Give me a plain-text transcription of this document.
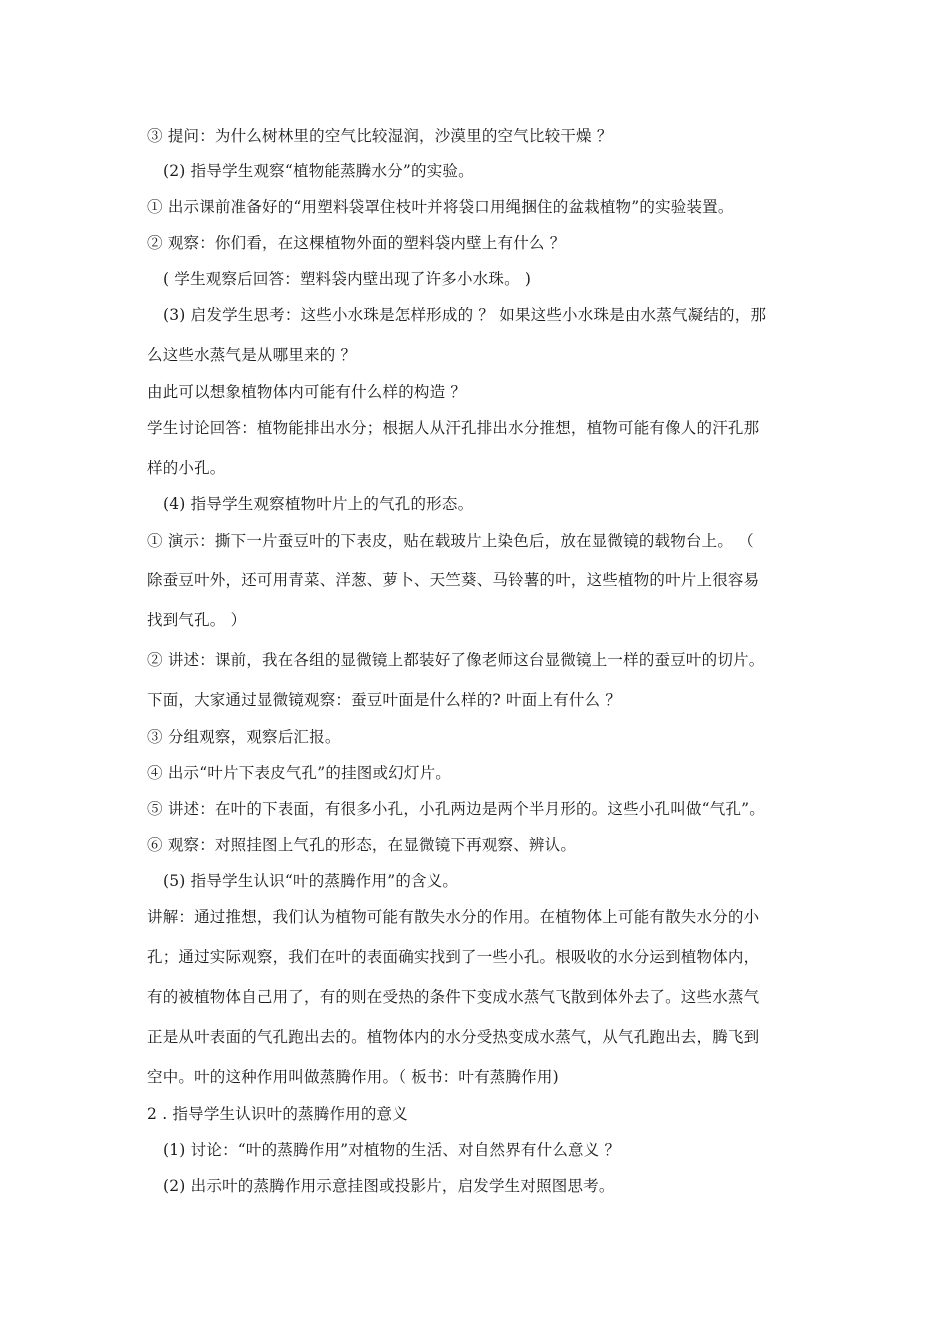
③ 提问：为什么树林里的空气比较湿润，沙漠里的空气比较干燥 ？
(2) 指导学生观察“植物能蒸腾水分”的实验。
① 出示课前准备好的“用塑料袋罩住枝叶并将袋口用绳捆住的盆栽植物”的实验装置。
② 观察：你们看，在这棵植物外面的塑料袋内壁上有什么 ？
( 学生观察后回答：塑料袋内壁出现了许多小水珠。 )
(3) 启发学生思考：这些小水珠是怎样形成的 ？ 如果这些小水珠是由水蒸气凝结的，那
么这些水蒸气是从哪里来的 ？
由此可以想象植物体内可能有什么样的构造 ？
学生讨论回答：植物能排出水分；根据人从汗孔排出水分推想，植物可能有像人的汗孔那
样的小孔。
(4) 指导学生观察植物叶片上的气孔的形态。
① 演示：撕下一片蚕豆叶的下表皮，贴在载玻片上染色后，放在显微镜的载物台上。 （
除蚕豆叶外，还可用青菜、洋葱、萝卜、天竺葵、马铃薯的叶，这些植物的叶片上很容易
找到气孔。 ）
② 讲述：课前，我在各组的显微镜上都装好了像老师这台显微镜上一样的蚕豆叶的切片。
下面，大家通过显微镜观察：蚕豆叶面是什么样的? 叶面上有什么 ？
③ 分组观察，观察后汇报。
④ 出示“叶片下表皮气孔”的挂图或幻灯片。
⑤ 讲述：在叶的下表面，有很多小孔，小孔两边是两个半月形的。这些小孔叫做“气孔”。
⑥ 观察：对照挂图上气孔的形态，在显微镜下再观察、辨认。
(5) 指导学生认识“叶的蒸腾作用”的含义。
讲解：通过推想，我们认为植物可能有散失水分的作用。在植物体上可能有散失水分的小
孔；通过实际观察，我们在叶的表面确实找到了一些小孔。根吸收的水分运到植物体内，
有的被植物体自己用了，有的则在受热的条件下变成水蒸气飞散到体外去了。这些水蒸气
正是从叶表面的气孔跑出去的。植物体内的水分受热变成水蒸气，从气孔跑出去，腾飞到
空中。叶的这种作用叫做蒸腾作用。（ 板书：叶有蒸腾作用)
2 . 指导学生认识叶的蒸腾作用的意义
(1) 讨论：“叶的蒸腾作用”对植物的生活、对自然界有什么意义 ？
(2) 出示叶的蒸腾作用示意挂图或投影片，启发学生对照图思考。
